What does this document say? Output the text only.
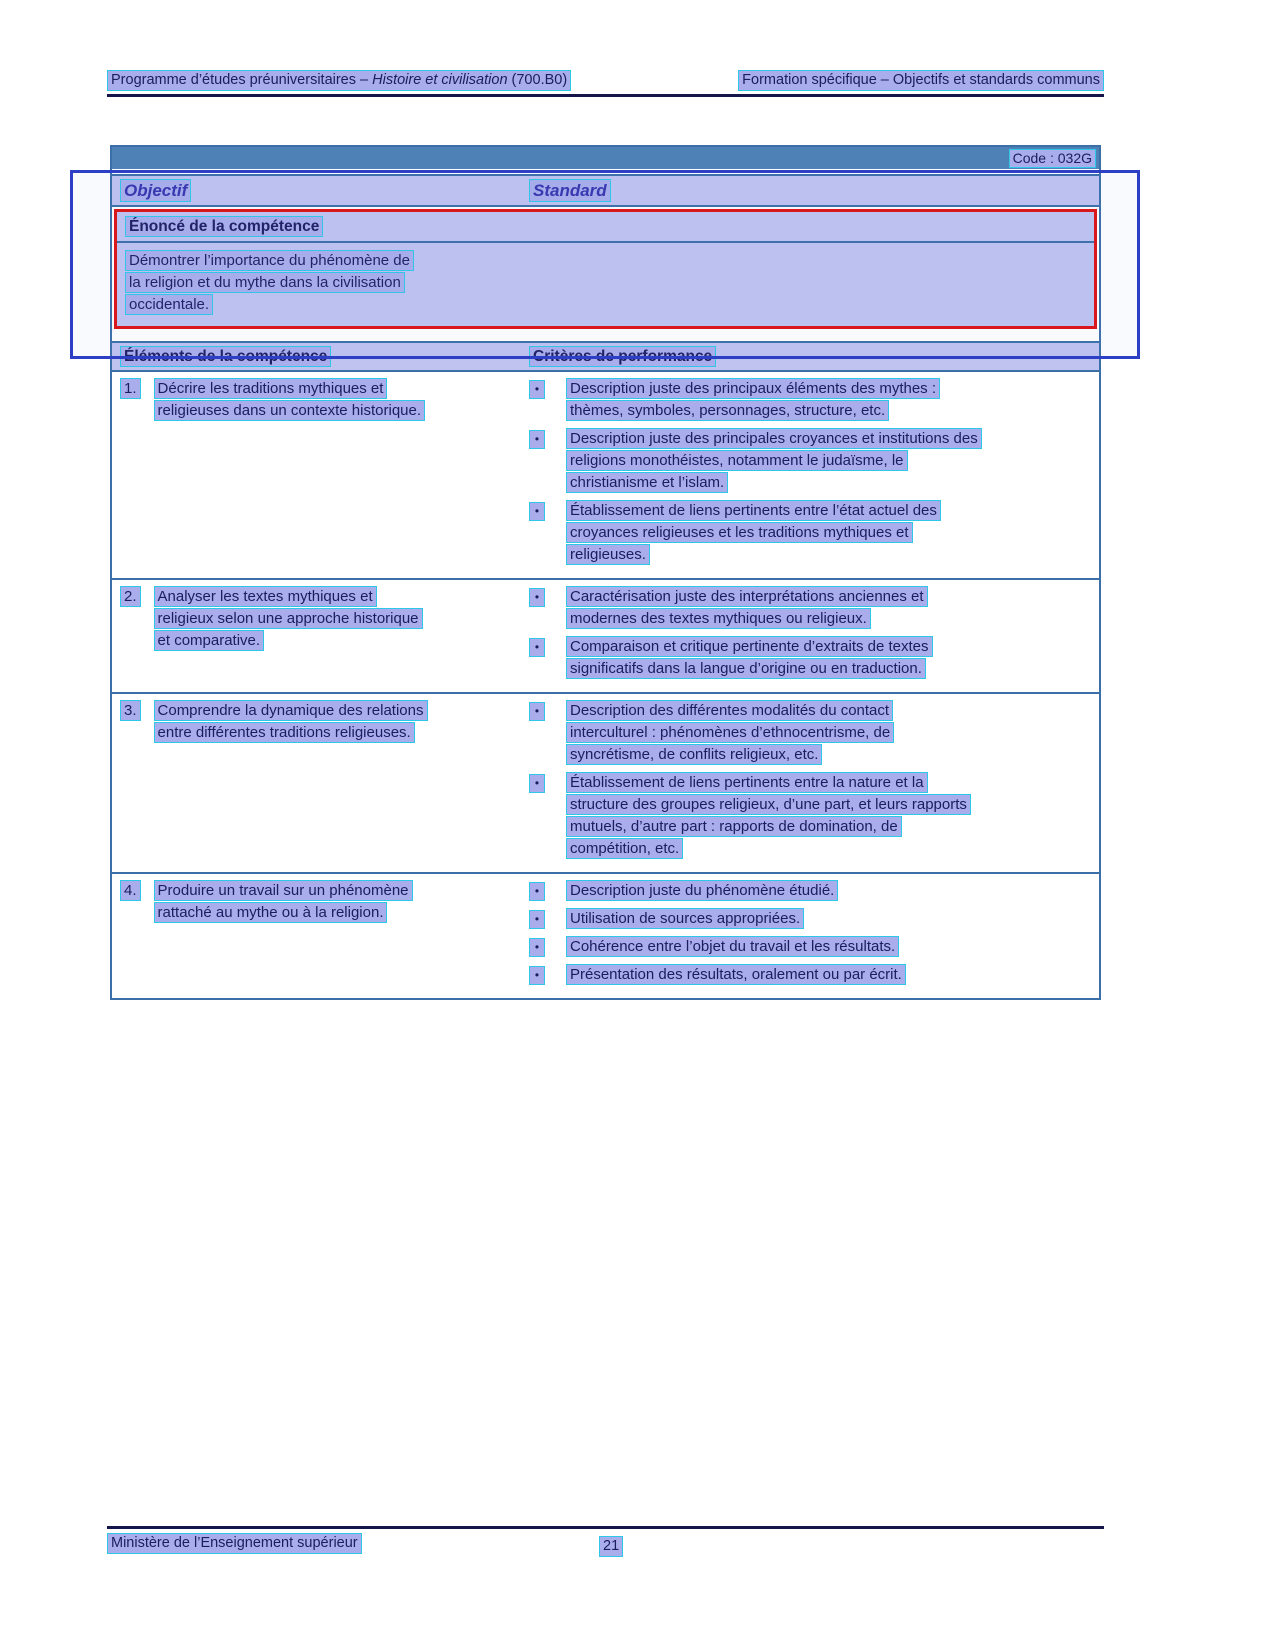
Programme d’études préuniversitaires – Histoire et civilisation (700.B0)	Formation spécifique – Objectifs et standards communs
Code : 032G
Objectif	Standard
Énoncé de la compétence
Démontrer l’importance du phénomène de
la religion et du mythe dans la civilisation
occidentale.
Éléments de la compétence	Critères de performance
1. Décrire les traditions mythiques et
religieuses dans un contexte historique.
•	Description juste des principaux éléments des mythes :
thèmes, symboles, personnages, structure, etc.
•	Description juste des principales croyances et institutions des
religions monothéistes, notamment le judaïsme, le
christianisme et l’islam.
•	Établissement de liens pertinents entre l’état actuel des
croyances religieuses et les traditions mythiques et
religieuses.
2. Analyser les textes mythiques et
religieux selon une approche historique
et comparative.
•	Caractérisation juste des interprétations anciennes et
modernes des textes mythiques ou religieux.
•	Comparaison et critique pertinente d’extraits de textes
significatifs dans la langue d’origine ou en traduction.
3. Comprendre la dynamique des relations
entre différentes traditions religieuses.
•	Description des différentes modalités du contact
interculturel : phénomènes d’ethnocentrisme, de
syncrétisme, de conflits religieux, etc.
•	Établissement de liens pertinents entre la nature et la
structure des groupes religieux, d’une part, et leurs rapports
mutuels, d’autre part : rapports de domination, de
compétition, etc.
4. Produire un travail sur un phénomène
rattaché au mythe ou à la religion.
•	Description juste du phénomène étudié.
•	Utilisation de sources appropriées.
•	Cohérence entre l’objet du travail et les résultats.
•	Présentation des résultats, oralement ou par écrit.
Ministère de l’Enseignement supérieur	21
